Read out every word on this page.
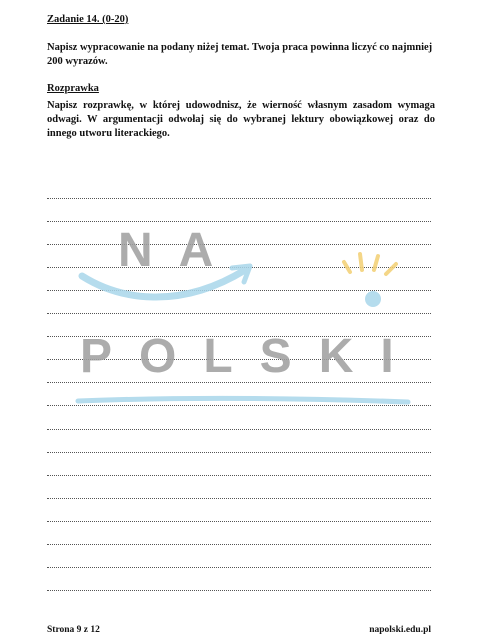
Zadanie 14. (0-20)
Napisz wypracowanie na podany niżej temat. Twoja praca powinna liczyć co najmniej 200 wyrazów.
Rozprawka
Napisz rozprawkę, w której udowodnisz, że wierność własnym zasadom wymaga odwagi. W argumentacji odwołaj się do wybranej lektury obowiązkowej oraz do innego utworu literackiego.
NA
POLSKI
Strona 9 z 12	napolski.edu.pl
